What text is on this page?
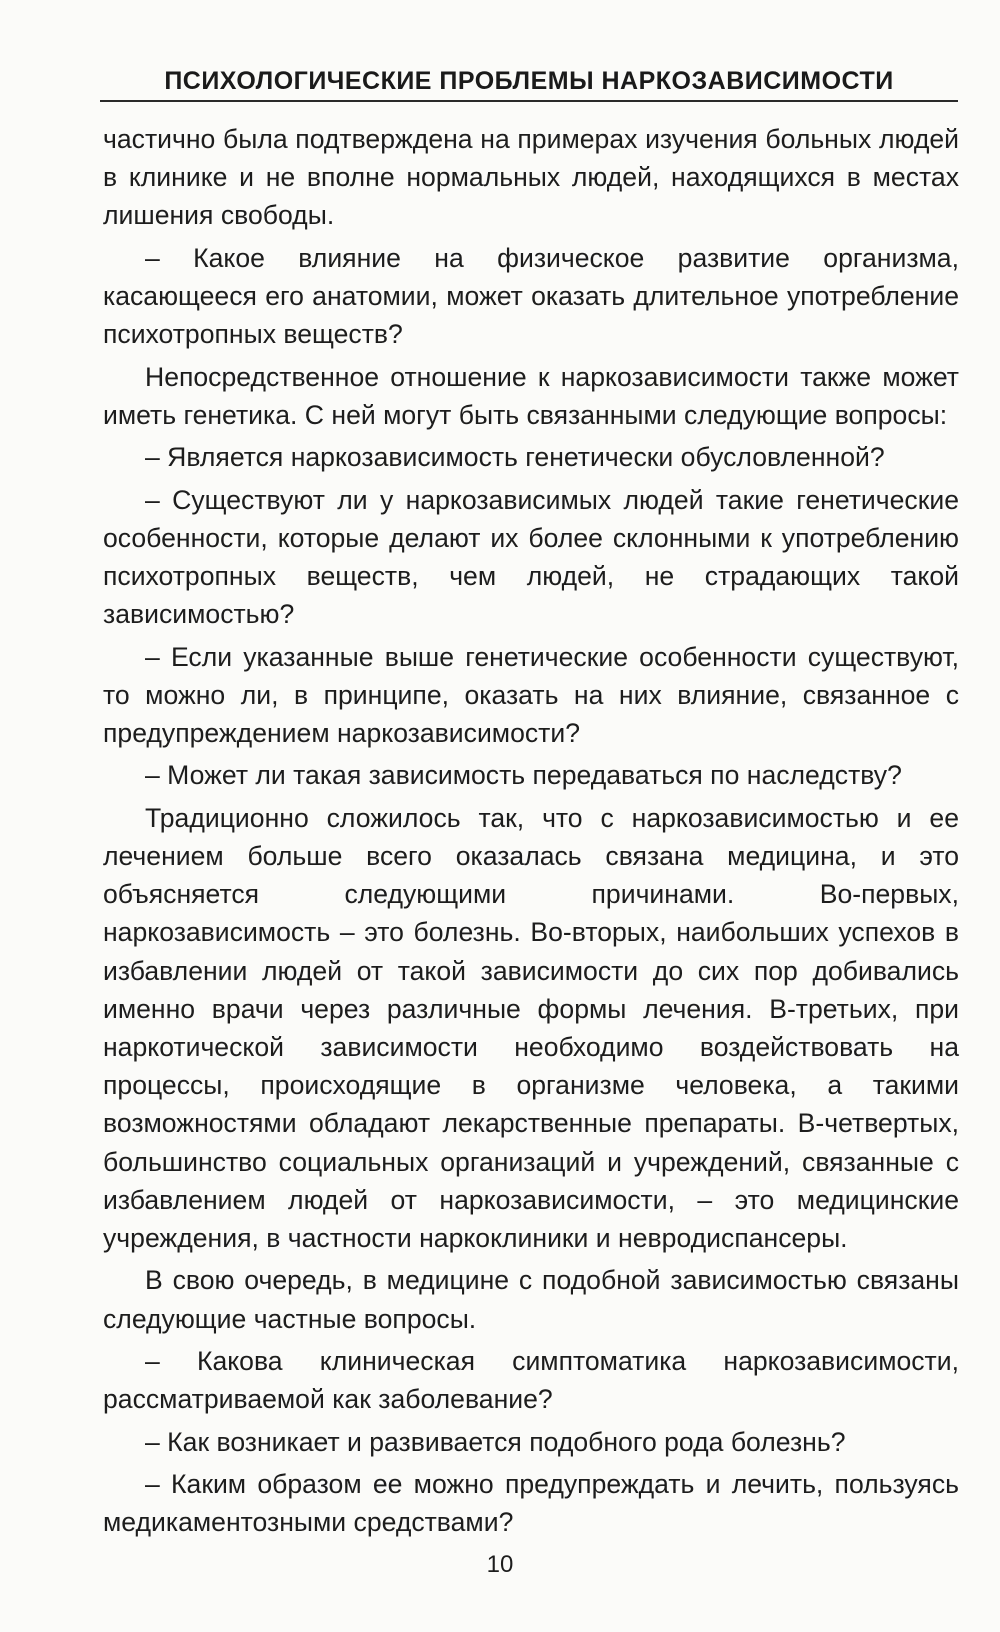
ПСИХОЛОГИЧЕСКИЕ ПРОБЛЕМЫ НАРКОЗАВИСИМОСТИ

частично была подтверждена на примерах изучения больных людей в клинике и не вполне нормальных людей, находящихся в местах лишения свободы.

– Какое влияние на физическое развитие организма, касающееся его анатомии, может оказать длительное употребление психотропных веществ?

Непосредственное отношение к наркозависимости также может иметь генетика. С ней могут быть связанными следующие вопросы:

– Является наркозависимость генетически обусловленной?

– Существуют ли у наркозависимых людей такие генетические особенности, которые делают их более склонными к употреблению психотропных веществ, чем людей, не страдающих такой зависимостью?

– Если указанные выше генетические особенности существуют, то можно ли, в принципе, оказать на них влияние, связанное с предупреждением наркозависимости?

– Может ли такая зависимость передаваться по наследству?

Традиционно сложилось так, что с наркозависимостью и ее лечением больше всего оказалась связана медицина, и это объясняется следующими причинами. Во-первых, наркозависимость – это болезнь. Во-вторых, наибольших успехов в избавлении людей от такой зависимости до сих пор добивались именно врачи через различные формы лечения. В-третьих, при наркотической зависимости необходимо воздействовать на процессы, происходящие в организме человека, а такими возможностями обладают лекарственные препараты. В-четвертых, большинство социальных организаций и учреждений, связанные с избавлением людей от наркозависимости, – это медицинские учреждения, в частности наркоклиники и невродиспансеры.

В свою очередь, в медицине с подобной зависимостью связаны следующие частные вопросы.

– Какова клиническая симптоматика наркозависимости, рассматриваемой как заболевание?

– Как возникает и развивается подобного рода болезнь?

– Каким образом ее можно предупреждать и лечить, пользуясь медикаментозными средствами?

10
